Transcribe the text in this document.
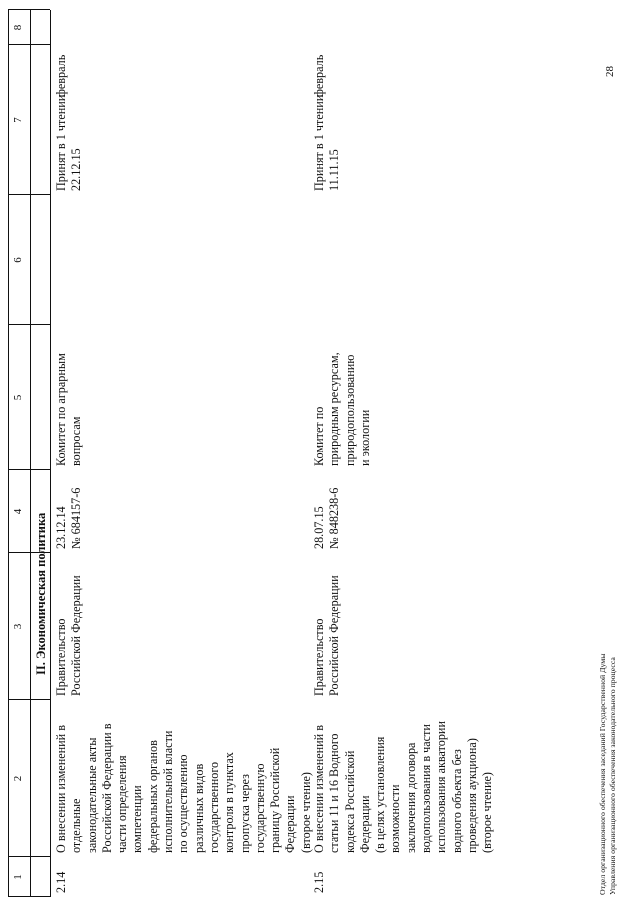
1
2
3
4
5
6
7
8
II. Экономическая политика
2.14
О внесении изменений в
отдельные
законодательные акты
Российской Федерации в
части определения
компетенции
федеральных органов
исполнительной власти
по осуществлению
различных видов
государственного
контроля в пунктах
пропуска через
государственную
границу Российской
Федерации
(второе чтение)
Правительство
Российской Федерации
23.12.14
№ 684157-6
Комитет по аграрным
вопросам
Принят в 1 чтении
22.12.15
февраль
2.15
О внесении изменений в
статьи 11 и 16 Водного
кодекса Российской
Федерации
(в целях установления
возможности
заключения договора
водопользования в части
использования акватории
водного объекта без
проведения аукциона)
(второе чтение)
Правительство
Российской Федерации
28.07.15
№ 848238-6
Комитет по
природным ресурсам,
природопользованию
и экологии
Принят в 1 чтении
11.11.15
февраль
Отдел организационного обеспечения заседаний Государственной Думы
Управления организационного обеспечения законодательного процесса
28
